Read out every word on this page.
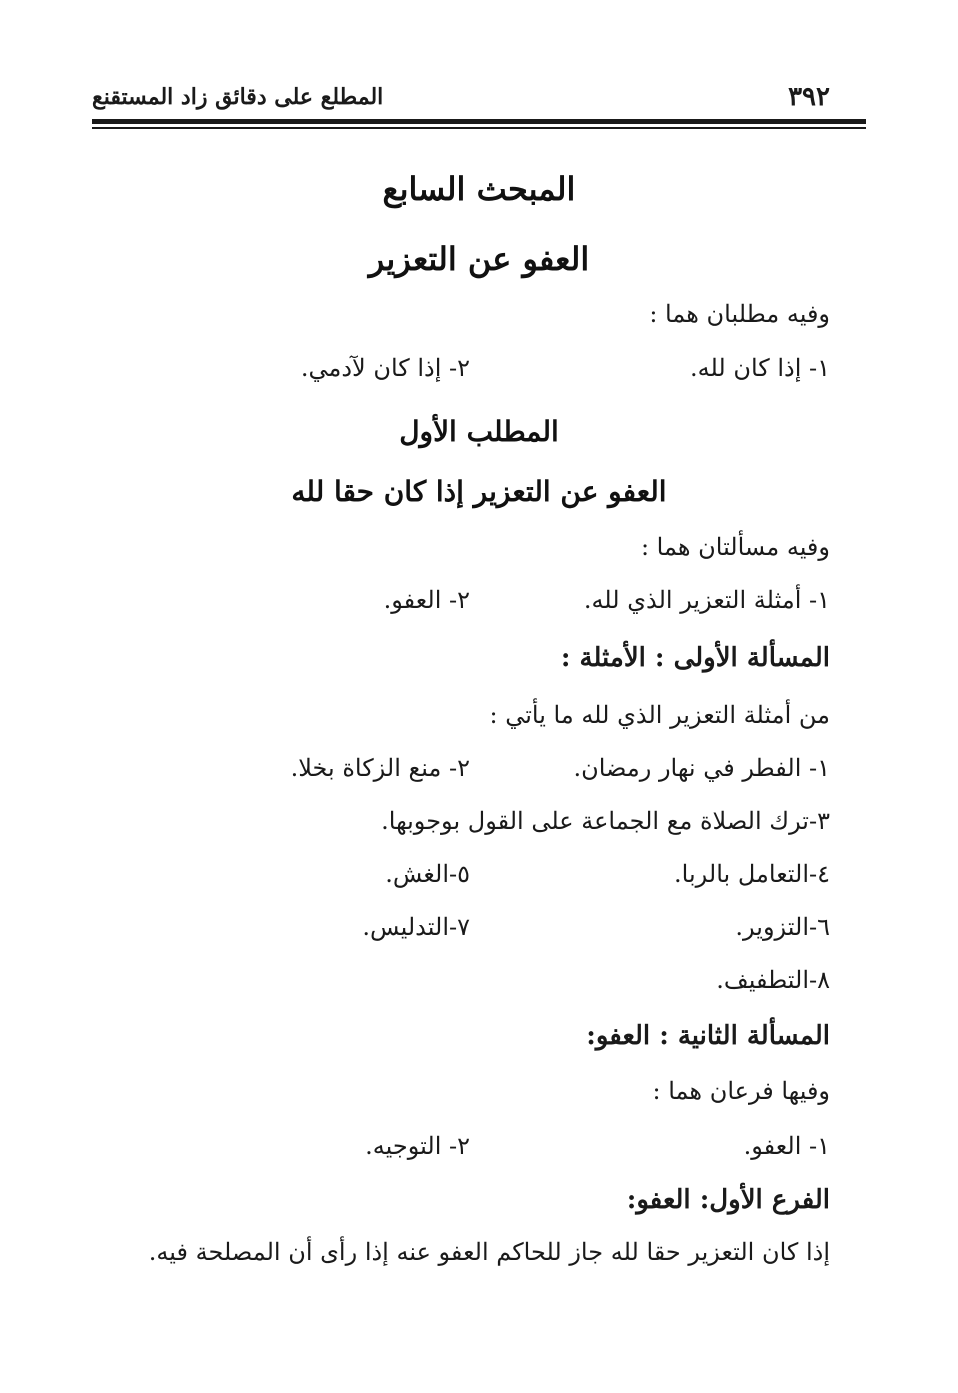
٣٩٢
المطلع على دقائق زاد المستقنع
المبحث السابع
العفو عن التعزير
وفيه مطلبان هما :
١- إذا كان لله.
٢- إذا كان لآدمي.
المطلب الأول
العفو عن التعزير إذا كان حقا لله
وفيه مسألتان هما :
١- أمثلة التعزير الذي لله.
٢- العفو.
المسألة الأولى : الأمثلة :
من أمثلة التعزير الذي لله ما يأتي :
١- الفطر في نهار رمضان.
٢- منع الزكاة بخلا.
٣-ترك الصلاة مع الجماعة على القول بوجوبها.
٤-التعامل بالربا.
٥-الغش.
٦-التزوير.
٧-التدليس.
٨-التطفيف.
المسألة الثانية : العفو:
وفيها فرعان هما :
١- العفو.
٢- التوجيه.
الفرع الأول: العفو:
إذا كان التعزير حقا لله جاز للحاكم العفو عنه إذا رأى أن المصلحة فيه.
